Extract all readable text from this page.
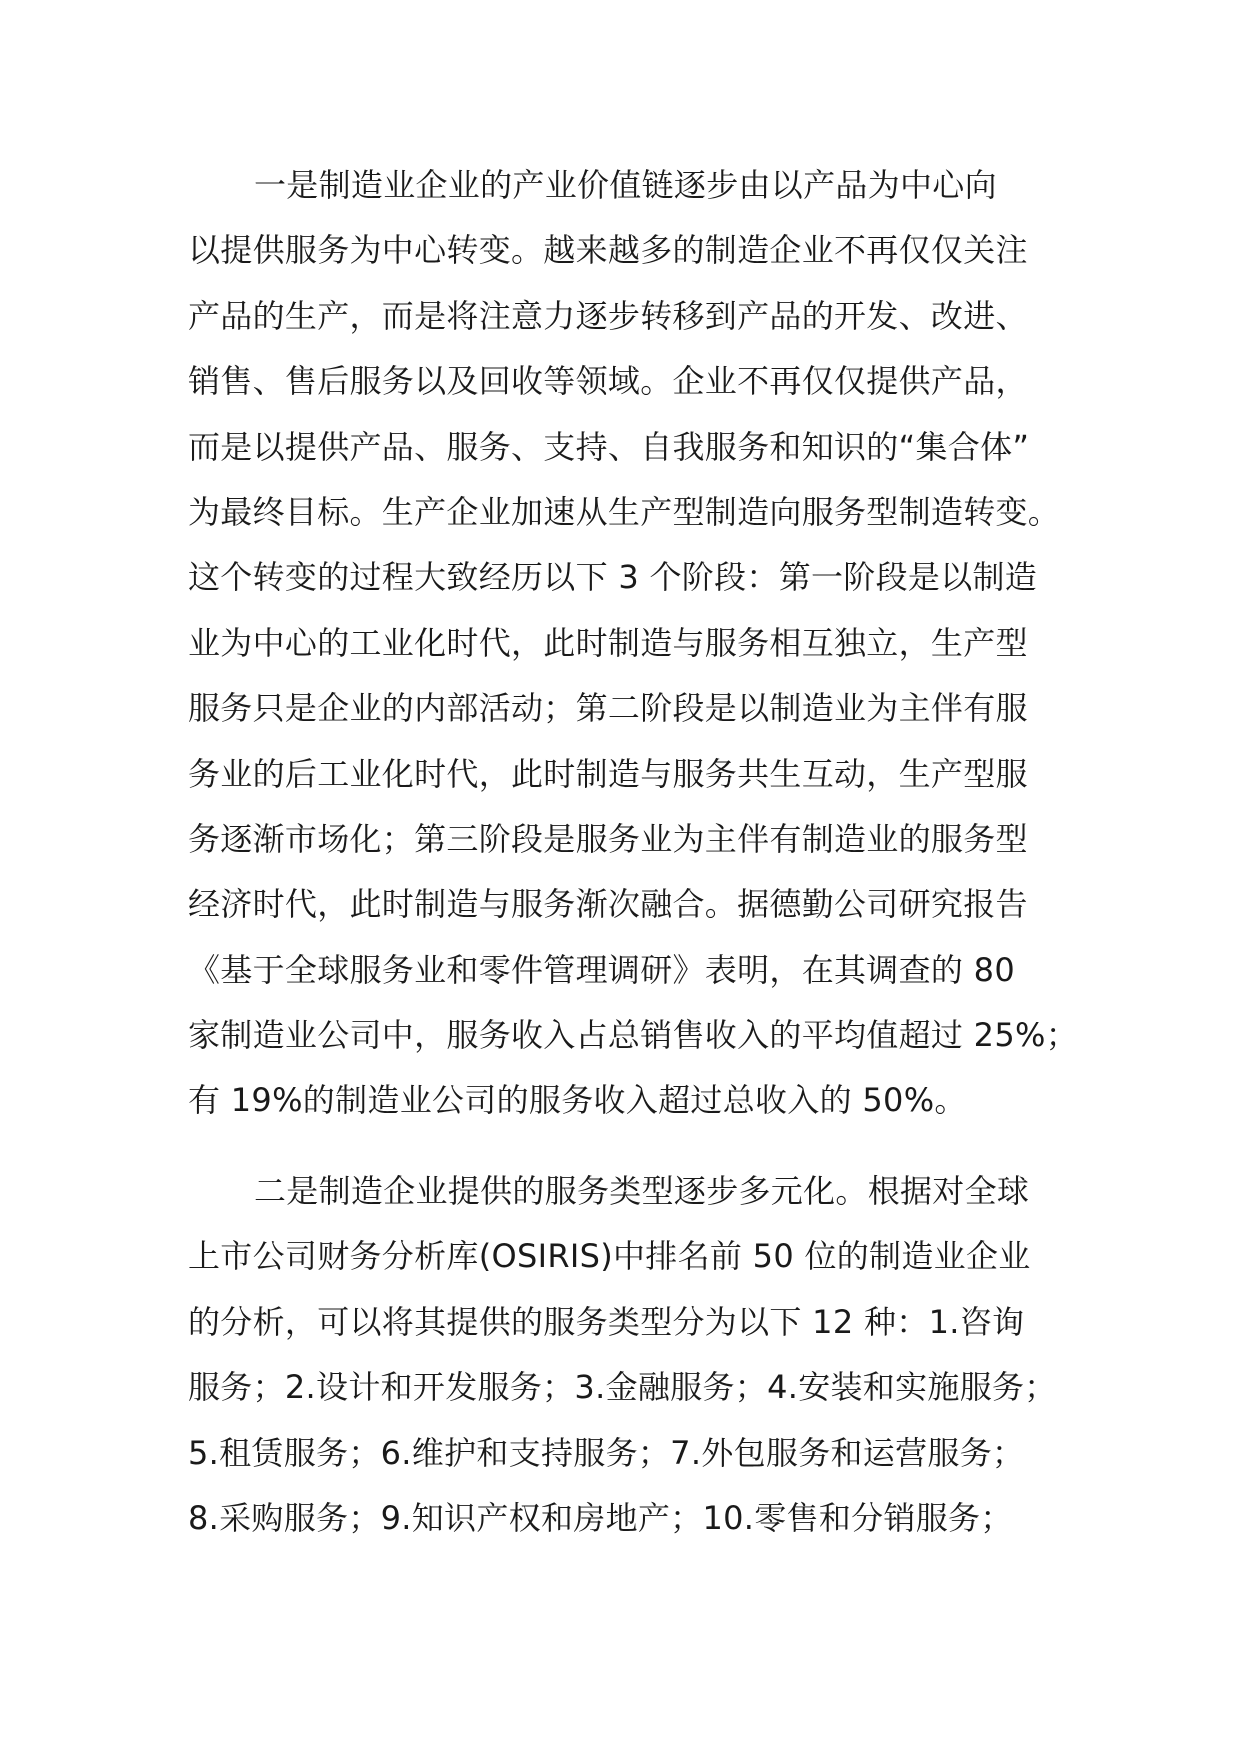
一是制造业企业的产业价值链逐步由以产品为中心向
以提供服务为中心转变。越来越多的制造企业不再仅仅关注
产品的生产，而是将注意力逐步转移到产品的开发、改进、
销售、售后服务以及回收等领域。企业不再仅仅提供产品，
而是以提供产品、服务、支持、自我服务和知识的“集合体”
为最终目标。生产企业加速从生产型制造向服务型制造转变。
这个转变的过程大致经历以下 3 个阶段：第一阶段是以制造
业为中心的工业化时代，此时制造与服务相互独立，生产型
服务只是企业的内部活动；第二阶段是以制造业为主伴有服
务业的后工业化时代，此时制造与服务共生互动，生产型服
务逐渐市场化；第三阶段是服务业为主伴有制造业的服务型
经济时代，此时制造与服务渐次融合。据德勤公司研究报告
《基于全球服务业和零件管理调研》表明，在其调查的 80
家制造业公司中，服务收入占总销售收入的平均值超过 25%；
有 19%的制造业公司的服务收入超过总收入的 50%。
二是制造企业提供的服务类型逐步多元化。根据对全球
上市公司财务分析库(OSIRIS)中排名前 50 位的制造业企业
的分析，可以将其提供的服务类型分为以下 12 种：1.咨询
服务；2.设计和开发服务；3.金融服务；4.安装和实施服务；
5.租赁服务；6.维护和支持服务；7.外包服务和运营服务；
8.采购服务；9.知识产权和房地产；10.零售和分销服务；
